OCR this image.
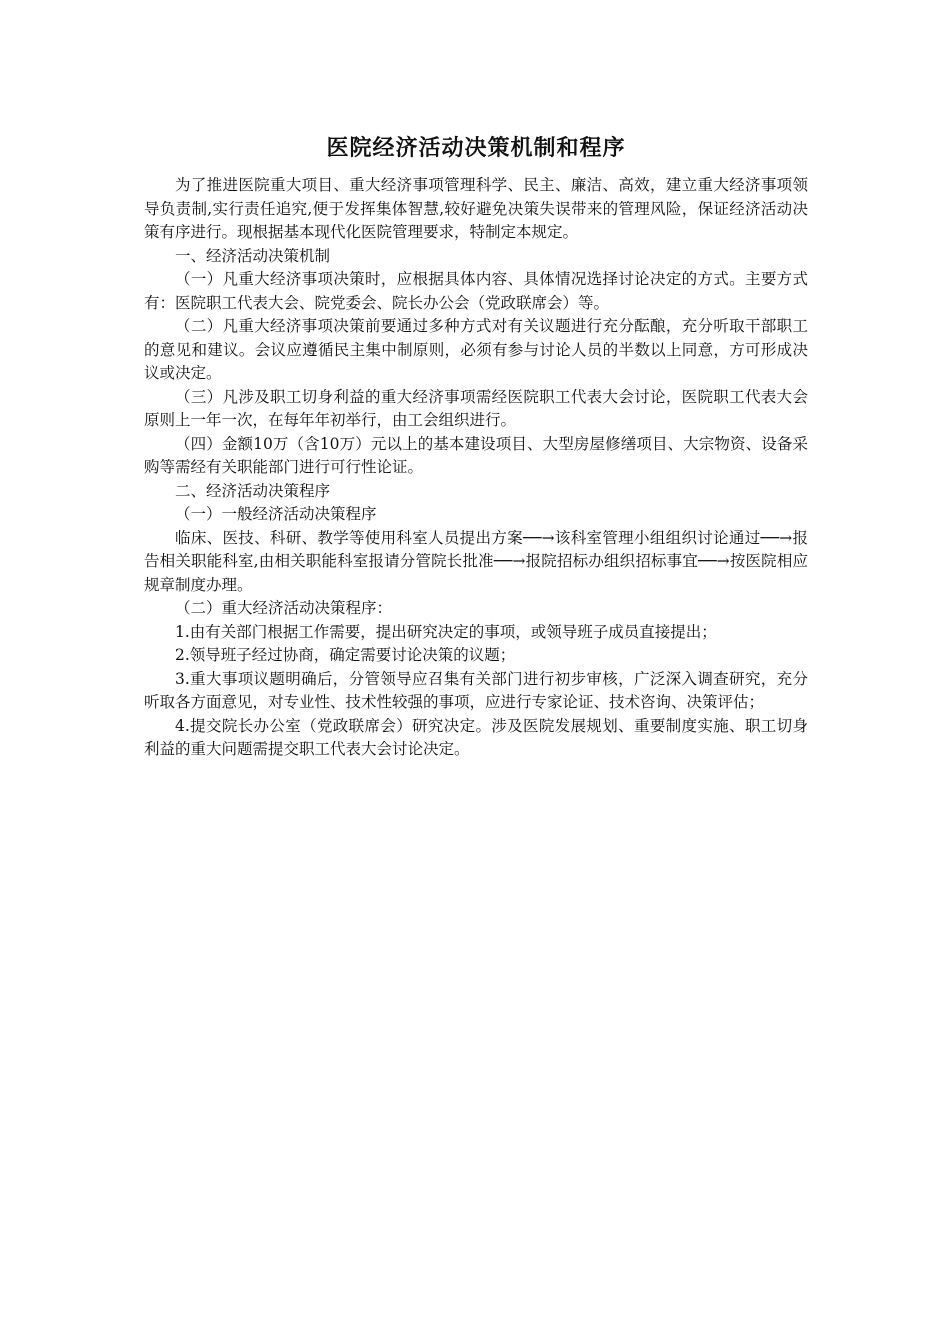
医院经济活动决策机制和程序

为了推进医院重大项目、重大经济事项管理科学、民主、廉洁、高效，建立重大经济事项领导负责制,实行责任追究,便于发挥集体智慧,较好避免决策失误带来的管理风险，保证经济活动决策有序进行。现根据基本现代化医院管理要求，特制定本规定。

一、经济活动决策机制

（一）凡重大经济事项决策时，应根据具体内容、具体情况选择讨论决定的方式。主要方式有：医院职工代表大会、院党委会、院长办公会（党政联席会）等。

（二）凡重大经济事项决策前要通过多种方式对有关议题进行充分酝酿，充分听取干部职工的意见和建议。会议应遵循民主集中制原则，必须有参与讨论人员的半数以上同意，方可形成决议或决定。

（三）凡涉及职工切身利益的重大经济事项需经医院职工代表大会讨论，医院职工代表大会原则上一年一次，在每年年初举行，由工会组织进行。

（四）金额10万（含10万）元以上的基本建设项目、大型房屋修缮项目、大宗物资、设备采购等需经有关职能部门进行可行性论证。

二、经济活动决策程序

（一）一般经济活动决策程序

临床、医技、科研、教学等使用科室人员提出方案──→该科室管理小组组织讨论通过──→报告相关职能科室,由相关职能科室报请分管院长批准──→报院招标办组织招标事宜──→按医院相应规章制度办理。

（二）重大经济活动决策程序：

1.由有关部门根据工作需要，提出研究决定的事项，或领导班子成员直接提出；

2.领导班子经过协商，确定需要讨论决策的议题；

3.重大事项议题明确后，分管领导应召集有关部门进行初步审核，广泛深入调查研究，充分听取各方面意见，对专业性、技术性较强的事项，应进行专家论证、技术咨询、决策评估；

4.提交院长办公室（党政联席会）研究决定。涉及医院发展规划、重要制度实施、职工切身利益的重大问题需提交职工代表大会讨论决定。
